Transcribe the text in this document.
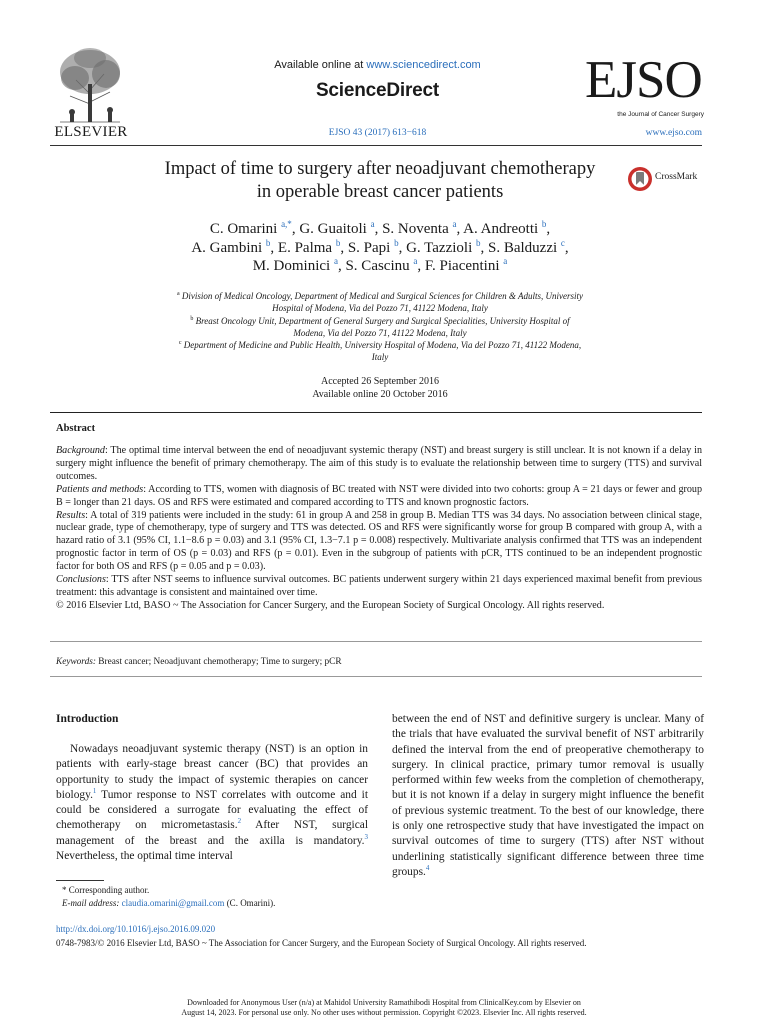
ELSEVIER
Available online at www.sciencedirect.com
ScienceDirect
EJSO 43 (2017) 613−618
EJSO
the Journal of Cancer Surgery
www.ejso.com
Impact of time to surgery after neoadjuvant chemotherapy
in operable breast cancer patients
CrossMark
C. Omarini $^{a,*}$, G. Guaitoli $^a$, S. Noventa $^a$, A. Andreotti $^b$,
A. Gambini $^b$, E. Palma $^b$, S. Papi $^b$, G. Tazzioli $^b$, S. Balduzzi $^c$,
M. Dominici $^a$, S. Cascinu $^a$, F. Piacentini $^a$
$^a$ Division of Medical Oncology, Department of Medical and Surgical Sciences for Children & Adults, University
Hospital of Modena, Via del Pozzo 71, 41122 Modena, Italy
$^b$ Breast Oncology Unit, Department of General Surgery and Surgical Specialities, University Hospital of
Modena, Via del Pozzo 71, 41122 Modena, Italy
$^c$ Department of Medicine and Public Health, University Hospital of Modena, Via del Pozzo 71, 41122 Modena,
Italy
Accepted 26 September 2016
Available online 20 October 2016
Abstract

Background: The optimal time interval between the end of neoadjuvant systemic therapy (NST) and breast surgery is still unclear. It is not known if a delay in surgery might influence the benefit of primary chemotherapy. The aim of this study is to evaluate the relationship between time to surgery (TTS) and survival outcomes.

Patients and methods: According to TTS, women with diagnosis of BC treated with NST were divided into two cohorts: group A = 21 days or fewer and group B = longer than 21 days. OS and RFS were estimated and compared according to TTS and known prognostic factors.

Results: A total of 319 patients were included in the study: 61 in group A and 258 in group B. Median TTS was 34 days. No association between clinical stage, nuclear grade, type of chemotherapy, type of surgery and TTS was detected. OS and RFS were significantly worse for group B compared with group A, with a hazard ratio of 3.1 (95% CI, 1.1−8.6 p = 0.03) and 3.1 (95% CI, 1.3−7.1 p = 0.008) respectively. Multivariate analysis confirmed that TTS was an independent prognostic factor in term of OS (p = 0.03) and RFS (p = 0.01). Even in the subgroup of patients with pCR, TTS continued to be an independent prognostic factor for both OS and RFS (p = 0.05 and p = 0.03).

Conclusions: TTS after NST seems to influence survival outcomes. BC patients underwent surgery within 21 days experienced maximal benefit from previous treatment: this advantage is consistent and maintained over time.

© 2016 Elsevier Ltd, BASO ~ The Association for Cancer Surgery, and the European Society of Surgical Oncology. All rights reserved.

Keywords: Breast cancer; Neoadjuvant chemotherapy; Time to surgery; pCR
Introduction

Nowadays neoadjuvant systemic therapy (NST) is an option in patients with early-stage breast cancer (BC) that provides an opportunity to study the impact of systemic therapies on cancer biology.$^1$ Tumor response to NST correlates with outcome and it could be considered a surrogate for evaluating the effect of chemotherapy on micrometastasis.$^2$ After NST, surgical management of the breast and the axilla is mandatory.$^3$ Nevertheless, the optimal time interval

between the end of NST and definitive surgery is unclear. Many of the trials that have evaluated the survival benefit of NST arbitrarily defined the interval from the end of preoperative chemotherapy to surgery. In clinical practice, primary tumor removal is usually performed within few weeks from the completion of chemotherapy, but it is not known if a delay in surgery might influence the benefit of previous systemic treatment. To the best of our knowledge, there is only one retrospective study that have investigated the impact on survival outcomes of time to surgery (TTS) after NST without underlining statistically significant difference between three time groups.$^4$

* Corresponding author.
E-mail address: claudia.omarini@gmail.com (C. Omarini).
http://dx.doi.org/10.1016/j.ejso.2016.09.020
0748-7983/© 2016 Elsevier Ltd, BASO ~ The Association for Cancer Surgery, and the European Society of Surgical Oncology. All rights reserved.
Downloaded for Anonymous User (n/a) at Mahidol University Ramathibodi Hospital from ClinicalKey.com by Elsevier on
August 14, 2023. For personal use only. No other uses without permission. Copyright ©2023. Elsevier Inc. All rights reserved.
